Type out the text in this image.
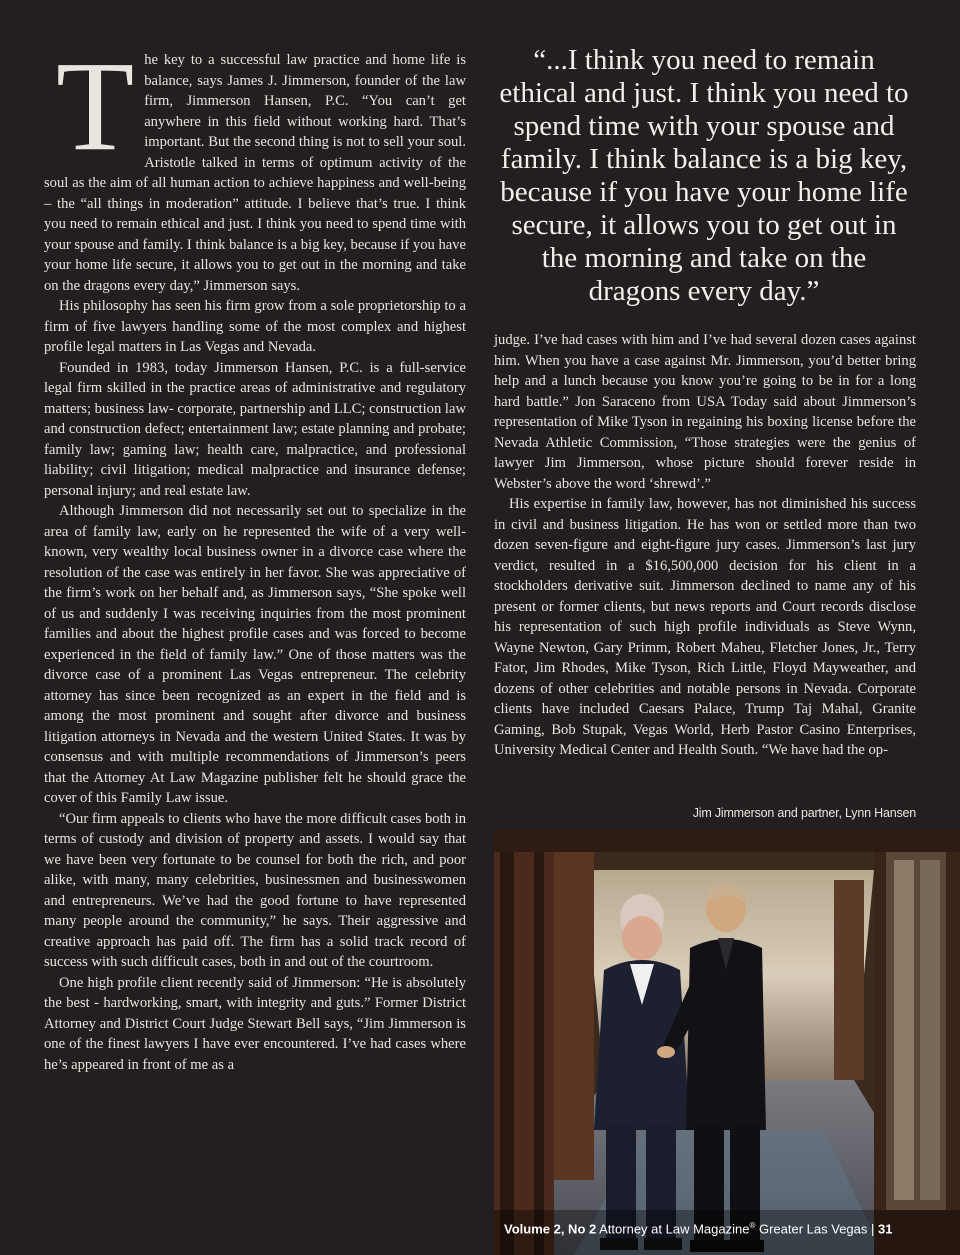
The key to a successful law practice and home life is balance, says James J. Jimmerson, founder of the law firm, Jimmerson Hansen, P.C. “You can’t get anywhere in this field without working hard. That’s important. But the second thing is not to sell your soul. Aristotle talked in terms of optimum activity of the soul as the aim of all human action to achieve happiness and well-being – the “all things in moderation” attitude. I believe that’s true. I think you need to remain ethical and just. I think you need to spend time with your spouse and family. I think balance is a big key, because if you have your home life secure, it allows you to get out in the morning and take on the dragons every day,” Jimmerson says.

His philosophy has seen his firm grow from a sole proprietorship to a firm of five lawyers handling some of the most complex and highest profile legal matters in Las Vegas and Nevada.

Founded in 1983, today Jimmerson Hansen, P.C. is a full-service legal firm skilled in the practice areas of administrative and regulatory matters; business law- corporate, partnership and LLC; construction law and construction defect; entertainment law; estate planning and probate; family law; gaming law; health care, malpractice, and professional liability; civil litigation; medical malpractice and insurance defense; personal injury; and real estate law.

Although Jimmerson did not necessarily set out to specialize in the area of family law, early on he represented the wife of a very well-known, very wealthy local business owner in a divorce case where the resolution of the case was entirely in her favor. She was appreciative of the firm’s work on her behalf and, as Jimmerson says, “She spoke well of us and suddenly I was receiving inquiries from the most prominent families and about the highest profile cases and was forced to become experienced in the field of family law.” One of those matters was the divorce case of a prominent Las Vegas entrepreneur. The celebrity attorney has since been recognized as an expert in the field and is among the most prominent and sought after divorce and business litigation attorneys in Nevada and the western United States. It was by consensus and with multiple recommendations of Jimmerson’s peers that the Attorney At Law Magazine publisher felt he should grace the cover of this Family Law issue.

“Our firm appeals to clients who have the more difficult cases both in terms of custody and division of property and assets. I would say that we have been very fortunate to be counsel for both the rich, and poor alike, with many, many celebrities, businessmen and businesswomen and entrepreneurs. We’ve had the good fortune to have represented many people around the community,” he says. Their aggressive and creative approach has paid off. The firm has a solid track record of success with such difficult cases, both in and out of the courtroom.

One high profile client recently said of Jimmerson: “He is absolutely the best - hardworking, smart, with integrity and guts.” Former District Attorney and District Court Judge Stewart Bell says, “Jim Jimmerson is one of the finest lawyers I have ever encountered. I’ve had cases where he’s appeared in front of me as a

“...I think you need to remain ethical and just. I think you need to spend time with your spouse and family. I think balance is a big key, because if you have your home life secure, it allows you to get out in the morning and take on the dragons every day.”

judge. I’ve had cases with him and I’ve had several dozen cases against him. When you have a case against Mr. Jimmerson, you’d better bring help and a lunch because you know you’re going to be in for a long hard battle.” Jon Saraceno from USA Today said about Jimmerson’s representation of Mike Tyson in regaining his boxing license before the Nevada Athletic Commission, “Those strategies were the genius of lawyer Jim Jimmerson, whose picture should forever reside in Webster’s above the word ‘shrewd’.”

His expertise in family law, however, has not diminished his success in civil and business litigation. He has won or settled more than two dozen seven-figure and eight-figure jury cases. Jimmerson’s last jury verdict, resulted in a $16,500,000 decision for his client in a stockholders derivative suit. Jimmerson declined to name any of his present or former clients, but news reports and Court records disclose his representation of such high profile individuals as Steve Wynn, Wayne Newton, Gary Primm, Robert Maheu, Fletcher Jones, Jr., Terry Fator, Jim Rhodes, Mike Tyson, Rich Little, Floyd Mayweather, and dozens of other celebrities and notable persons in Nevada. Corporate clients have included Caesars Palace, Trump Taj Mahal, Granite Gaming, Bob Stupak, Vegas World, Herb Pastor Casino Enterprises, University Medical Center and Health South. “We have had the op-

Jim Jimmerson and partner, Lynn Hansen
Volume 2, No 2 Attorney at Law Magazine® Greater Las Vegas | 31
